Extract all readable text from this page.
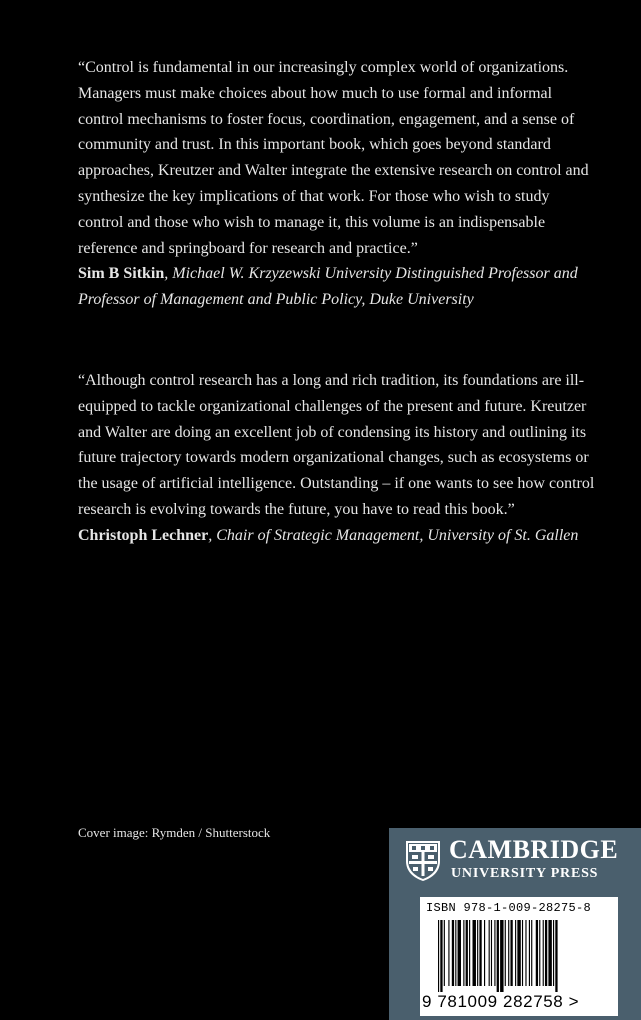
“Control is fundamental in our increasingly complex world of organizations. Managers must make choices about how much to use formal and informal control mechanisms to foster focus, coordination, engagement, and a sense of community and trust. In this important book, which goes beyond standard approaches, Kreutzer and Walter integrate the extensive research on control and synthesize the key implications of that work. For those who wish to study control and those who wish to manage it, this volume is an indispensable reference and springboard for research and practice.”

Sim B Sitkin, Michael W. Krzyzewski University Distinguished Professor and Professor of Management and Public Policy, Duke University

“Although control research has a long and rich tradition, its foundations are ill-equipped to tackle organizational challenges of the present and future. Kreutzer and Walter are doing an excellent job of condensing its history and outlining its future trajectory towards modern organizational changes, such as ecosystems or the usage of artificial intelligence. Outstanding – if one wants to see how control research is evolving towards the future, you have to read this book.”

Christoph Lechner, Chair of Strategic Management, University of St. Gallen

Cover image: Rymden / Shutterstock
CAMBRIDGE
UNIVERSITY PRESS
ISBN 978-1-009-28275-8
9 781009 282758 >
